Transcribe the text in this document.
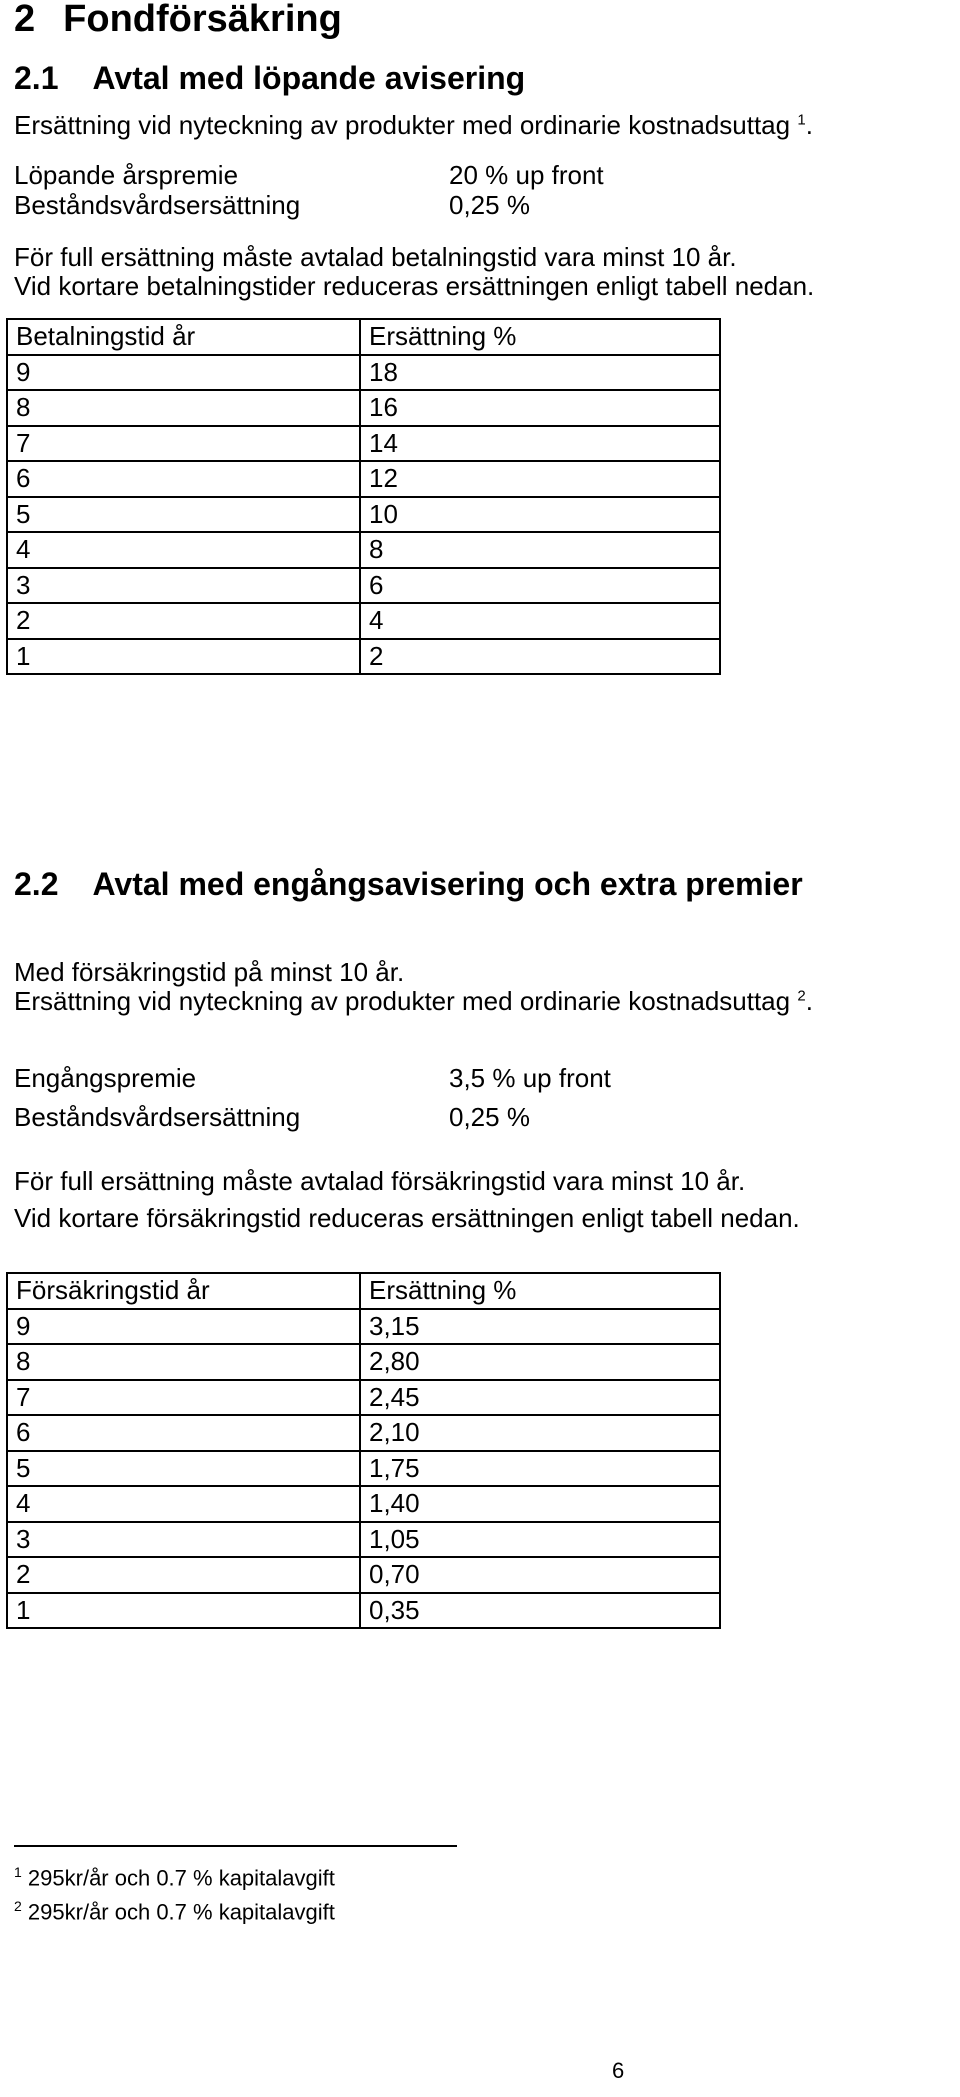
2 Fondförsäkring
2.1 Avtal med löpande avisering
Ersättning vid nyteckning av produkter med ordinarie kostnadsuttag $^1$.
Löpande årspremie	20 % up front
Beståndsvårdsersättning	0,25 %
För full ersättning måste avtalad betalningstid vara minst 10 år.
Vid kortare betalningstider reduceras ersättningen enligt tabell nedan.
Betalningstid år	Ersättning %
9	18
8	16
7	14
6	12
5	10
4	8
3	6
2	4
1	2
2.2 Avtal med engångsavisering och extra premier
Med försäkringstid på minst 10 år.
Ersättning vid nyteckning av produkter med ordinarie kostnadsuttag $^2$.
Engångspremie	3,5 % up front
Beståndsvårdsersättning	0,25 %
För full ersättning måste avtalad försäkringstid vara minst 10 år.
Vid kortare försäkringstid reduceras ersättningen enligt tabell nedan.
Försäkringstid år	Ersättning %
9	3,15
8	2,80
7	2,45
6	2,10
5	1,75
4	1,40
3	1,05
2	0,70
1	0,35
$^1$ 295kr/år och 0.7 % kapitalavgift
$^2$ 295kr/år och 0.7 % kapitalavgift
6
